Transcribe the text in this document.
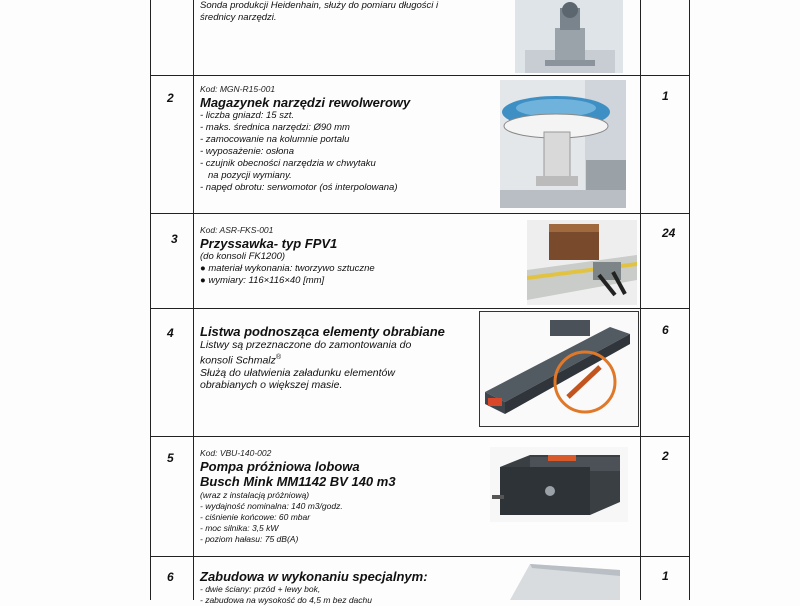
Sonda produkcji Heidenhain, służy do pomiaru długości i
średnicy narzędzi.
2
Kod: MGN-R15-001
Magazynek narzędzi rewolwerowy
- liczba gniazd: 15 szt.
- maks. średnica narzędzi: Ø90 mm
- zamocowanie na kolumnie portalu
- wyposażenie: osłona
- czujnik obecności narzędzia w chwytaku
na pozycji wymiany.
- napęd obrotu: serwomotor (oś interpolowana)
1
3
Kod: ASR-FKS-001
Przyssawka- typ FPV1
(do konsoli FK1200)
● materiał wykonania: tworzywo sztuczne
● wymiary: 116×116×40 [mm]
24
4 Listwa podnosząca elementy obrabiane
Listwy są przeznaczone do zamontowania do
konsoli Schmalz®
Służą do ułatwienia załadunku elementów
obrabianych o większej masie.
6
5	Kod: VBU-140-002
Pompa próżniowa lobowa
Busch Mink MM1142 BV 140 m3
(wraz z instalacją próżniową)
- wydajność nominalna: 140 m3/godz.
- ciśnienie końcowe: 60 mbar
- moc silnika: 3,5 kW
- poziom hałasu: 75 dB(A)
2
6 Zabudowa w wykonaniu specjalnym:
- dwie ściany: przód + lewy bok,
- zabudowa na wysokość do 4,5 m bez dachu
1
